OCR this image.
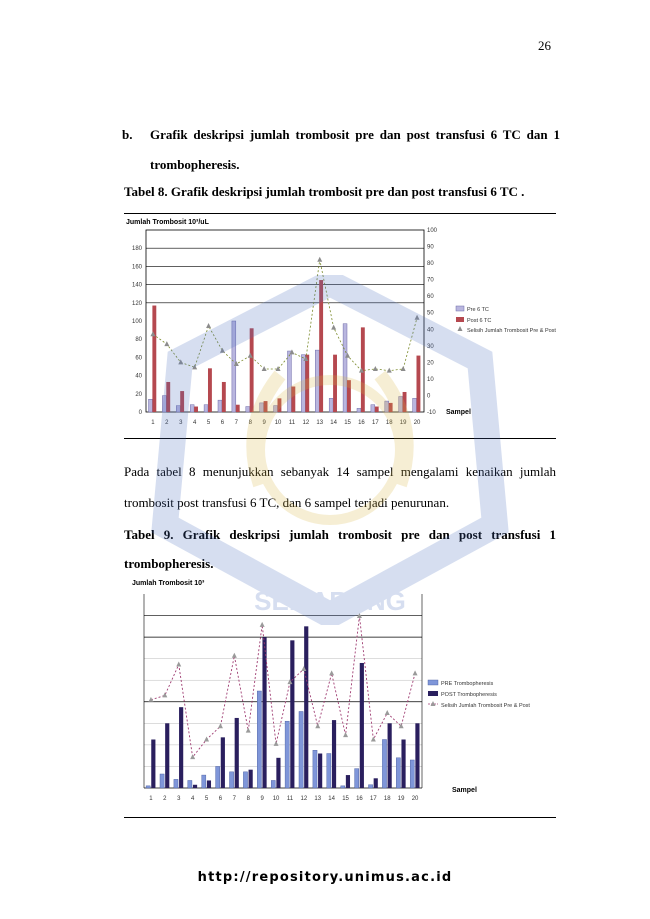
26
b. Grafik deskripsi jumlah trombosit pre dan post transfusi 6 TC dan 1
trombopheresis.
Tabel 8. Grafik deskripsi jumlah trombosit pre dan post transfusi 6 TC .
Jumlah Trombosit 10³/uL
0
20
40
60
80
100
120
140
160
180
-10
0
10
20
30
40
50
60
70
80
90
100
1 2 3 4 5 6 7 8 9 10 11 12 13 14 15 16 17 18 19 20
Sampel
Pre 6 TC
Post 6 TC
Selisih Jumlah Trombosit Pre & Post
Pada tabel 8 menunjukkan sebanyak 14 sampel mengalami kenaikan jumlah
trombosit post transfusi 6 TC, dan 6 sampel terjadi penurunan.
Tabel 9. Grafik deskripsi jumlah trombosit pre dan post transfusi 1
trombopheresis.
Jumlah Trombosit 10³
1 2 3 4 5 6 7 8 9 10 11 12 13 14 15 16 17 18 19 20
Sampel
PRE Trombopheresis
POST Trombopheresis
Selisih Jumlah Trombosit Pre & Post
SEMARANG
http://repository.unimus.ac.id
